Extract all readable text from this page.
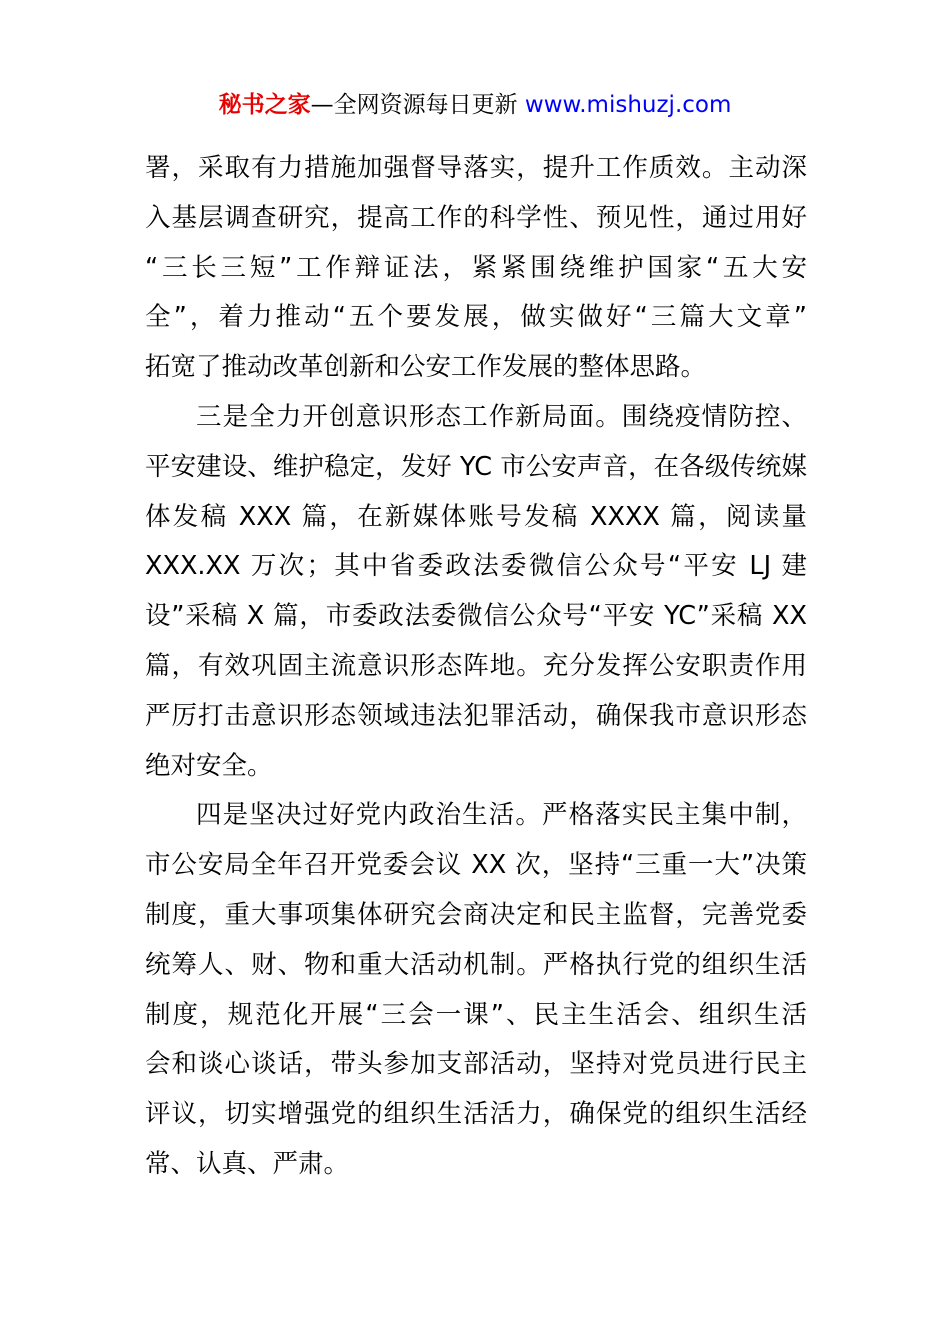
秘书之家—全网资源每日更新 www.mishuzj.com
署，采取有力措施加强督导落实，提升工作质效。主动深
入基层调查研究，提高工作的科学性、预见性，通过用好
“三长三短”工作辩证法，紧紧围绕维护国家“五大安
全”，着力推动“五个要发展，做实做好“三篇大文章”
拓宽了推动改革创新和公安工作发展的整体思路。
三是全力开创意识形态工作新局面。围绕疫情防控、
平安建设、维护稳定，发好 YC 市公安声音，在各级传统媒
体发稿 XXX 篇，在新媒体账号发稿 XXXX 篇，阅读量
XXX.XX 万次；其中省委政法委微信公众号“平安 LJ 建
设”采稿 X 篇，市委政法委微信公众号“平安 YC”采稿 XX
篇，有效巩固主流意识形态阵地。充分发挥公安职责作用
严厉打击意识形态领域违法犯罪活动，确保我市意识形态
绝对安全。
四是坚决过好党内政治生活。严格落实民主集中制，
市公安局全年召开党委会议 XX 次，坚持“三重一大”决策
制度，重大事项集体研究会商决定和民主监督，完善党委
统筹人、财、物和重大活动机制。严格执行党的组织生活
制度，规范化开展“三会一课”、民主生活会、组织生活
会和谈心谈话，带头参加支部活动，坚持对党员进行民主
评议，切实增强党的组织生活活力，确保党的组织生活经
常、认真、严肃。
